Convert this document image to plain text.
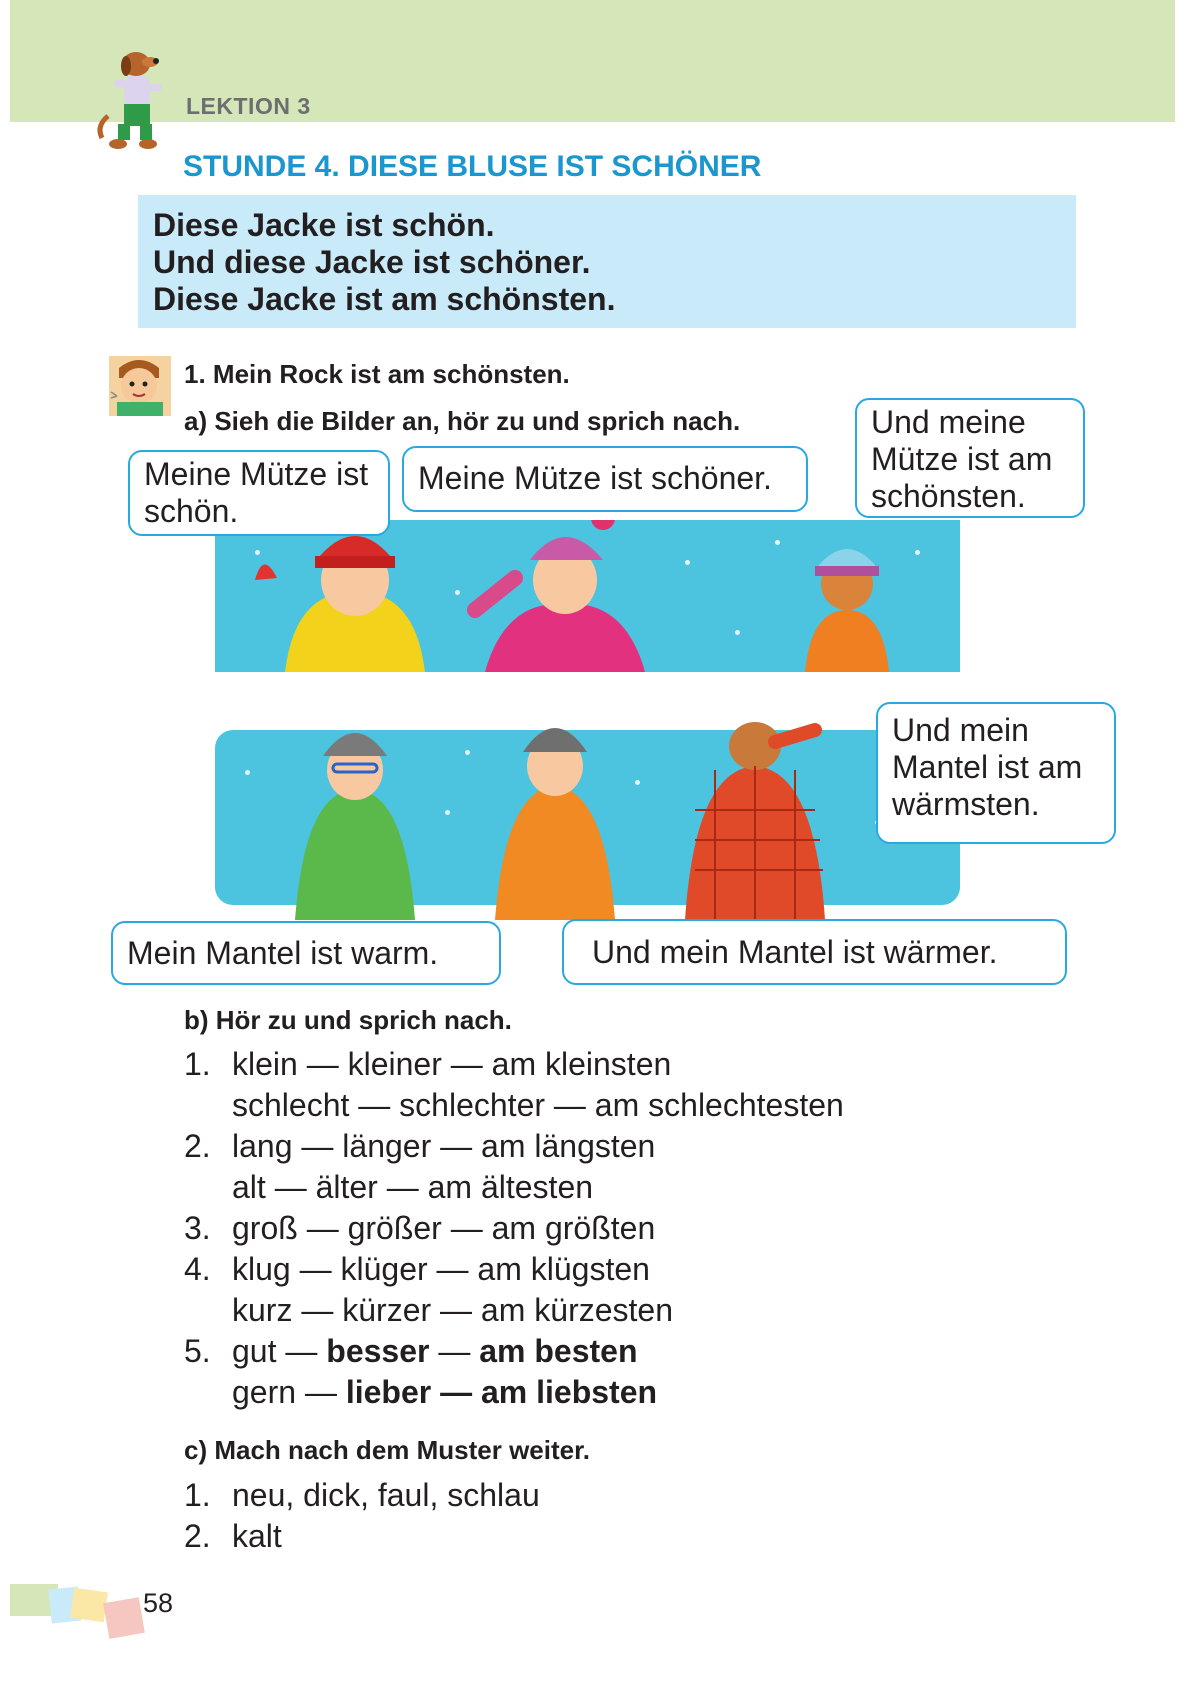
LEKTION 3
STUNDE 4. DIESE BLUSE IST SCHÖNER
Diese Jacke ist schön.
Und diese Jacke ist schöner.
Diese Jacke ist am schönsten.
1. Mein Rock ist am schönsten.
a) Sieh die Bilder an, hör zu und sprich nach.
Meine Mütze ist schön.
Meine Mütze ist schöner.
Und meine Mütze ist am schönsten.
Und mein Mantel ist am wärmsten.
Mein Mantel ist warm.	Und mein Mantel ist wärmer.
b) Hör zu und sprich nach.
1. klein — kleiner — am kleinsten
schlecht — schlechter — am schlechtesten
2. lang — länger — am längsten
alt — älter — am ältesten
3. groß — größer — am größten
4. klug — klüger — am klügsten
kurz — kürzer — am kürzesten
5. gut — besser — am besten
gern — lieber — am liebsten
c) Mach nach dem Muster weiter.
1. neu, dick, faul, schlau
2. kalt
58
